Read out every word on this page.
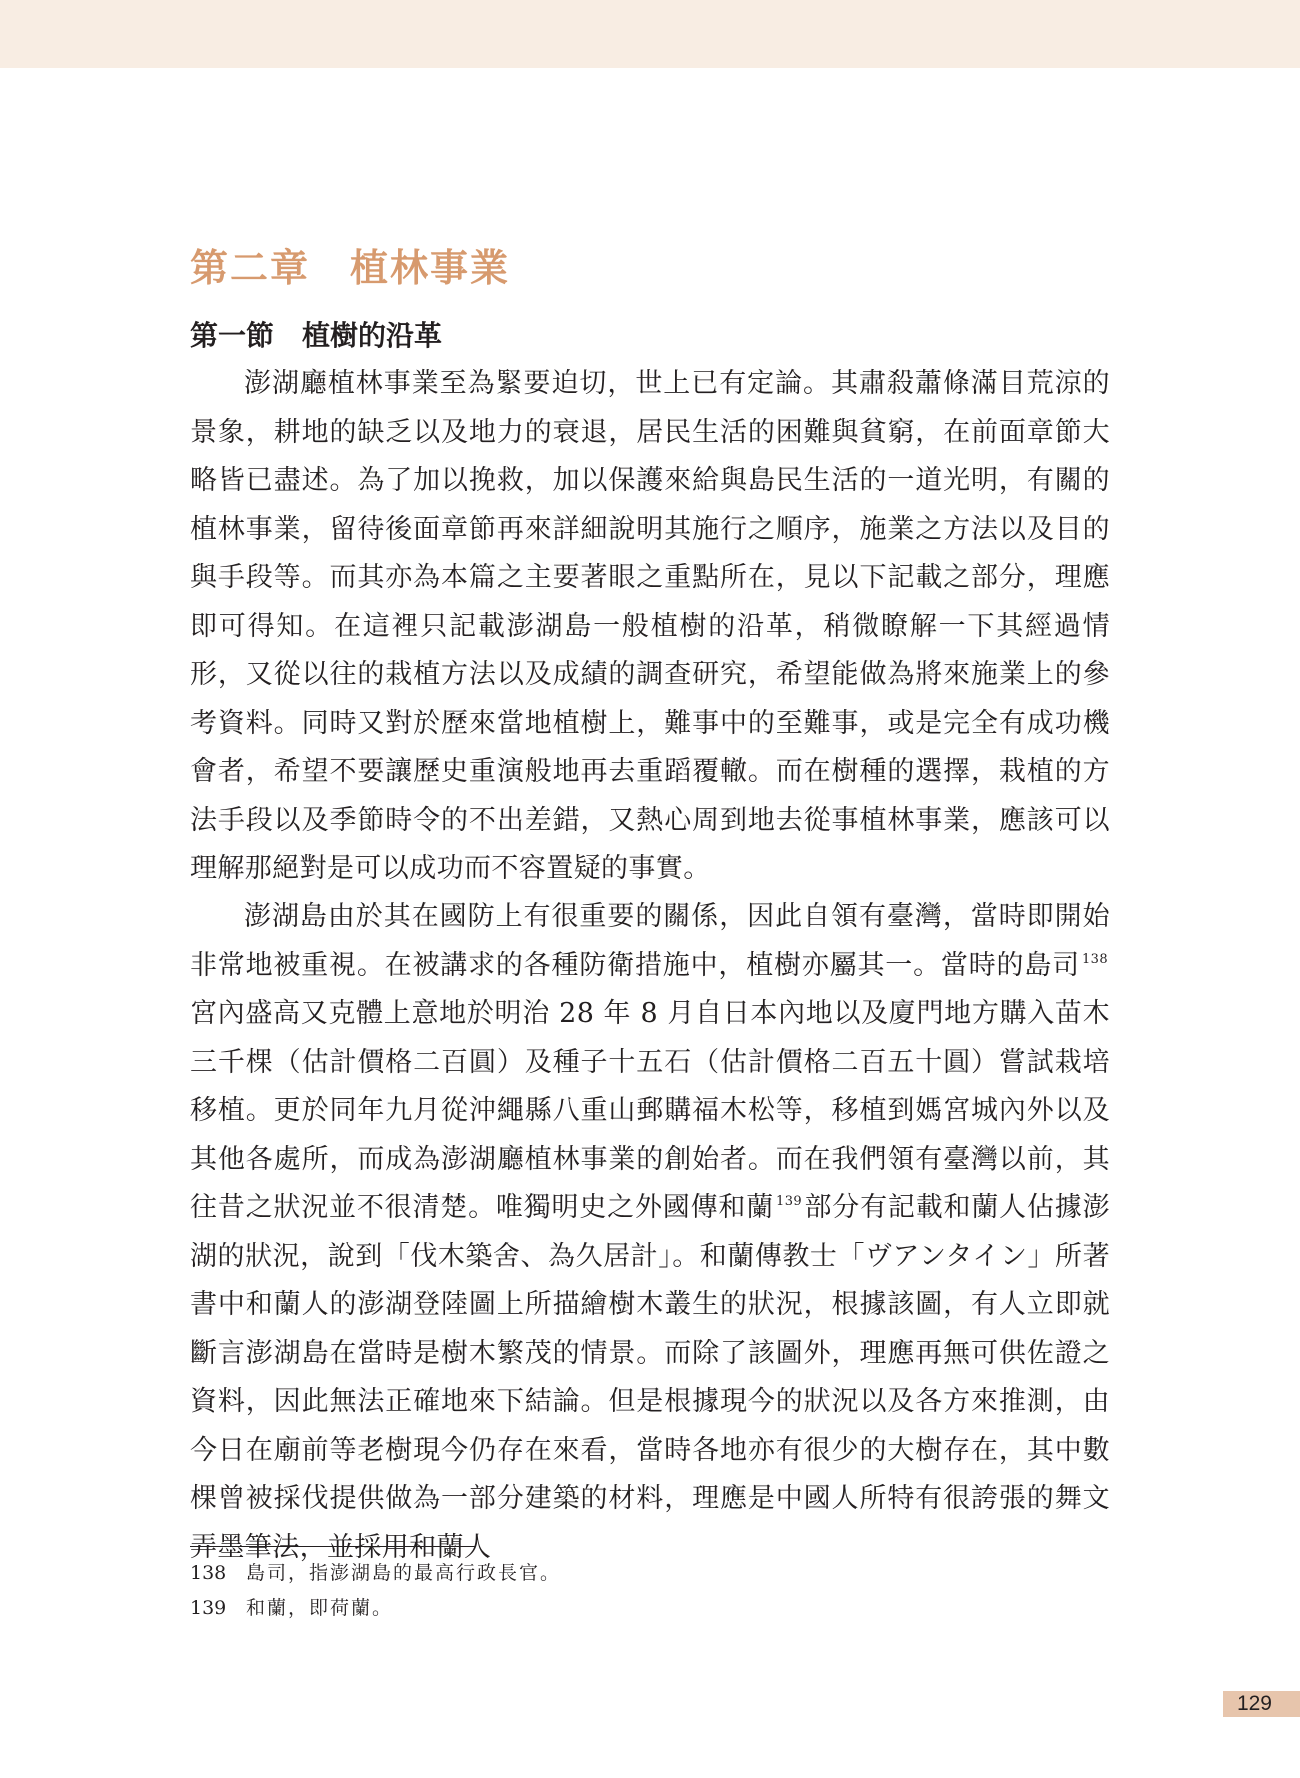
第二章　植林事業
第一節　植樹的沿革

澎湖廳植林事業至為緊要迫切，世上已有定論。其肅殺蕭條滿目荒涼的景象，耕地的缺乏以及地力的衰退，居民生活的困難與貧窮，在前面章節大略皆已盡述。為了加以挽救，加以保護來給與島民生活的一道光明，有關的植林事業，留待後面章節再來詳細說明其施行之順序，施業之方法以及目的與手段等。而其亦為本篇之主要著眼之重點所在，見以下記載之部分，理應即可得知。在這裡只記載澎湖島一般植樹的沿革，稍微瞭解一下其經過情形，又從以往的栽植方法以及成績的調查研究，希望能做為將來施業上的參考資料。同時又對於歷來當地植樹上，難事中的至難事，或是完全有成功機會者，希望不要讓歷史重演般地再去重蹈覆轍。而在樹種的選擇，栽植的方法手段以及季節時令的不出差錯，又熱心周到地去從事植林事業，應該可以理解那絕對是可以成功而不容置疑的事實。

澎湖島由於其在國防上有很重要的關係，因此自領有臺灣，當時即開始非常地被重視。在被講求的各種防衛措施中，植樹亦屬其一。當時的島司 $^{138}$宮內盛高又克體上意地於明治 28 年 8 月自日本內地以及廈門地方購入苗木三千棵（估計價格二百圓）及種子十五石（估計價格二百五十圓）嘗試栽培移植。更於同年九月從沖繩縣八重山郵購福木松等，移植到媽宮城內外以及其他各處所，而成為澎湖廳植林事業的創始者。而在我們領有臺灣以前，其往昔之狀況並不很清楚。唯獨明史之外國傳和蘭 $^{139}$部分有記載和蘭人佔據澎湖的狀況，說到「伐木築舍、為久居計」。和蘭傳教士「ヴアンタイン」所著書中和蘭人的澎湖登陸圖上所描繪樹木叢生的狀況，根據該圖，有人立即就斷言澎湖島在當時是樹木繁茂的情景。而除了該圖外，理應再無可供佐證之資料，因此無法正確地來下結論。但是根據現今的狀況以及各方來推測，由今日在廟前等老樹現今仍存在來看，當時各地亦有很少的大樹存在，其中數棵曾被採伐提供做為一部分建築的材料，理應是中國人所特有很誇張的舞文弄墨筆法，並採用和蘭人

138 島司，指澎湖島的最高行政長官。
139 和蘭，即荷蘭。
129
